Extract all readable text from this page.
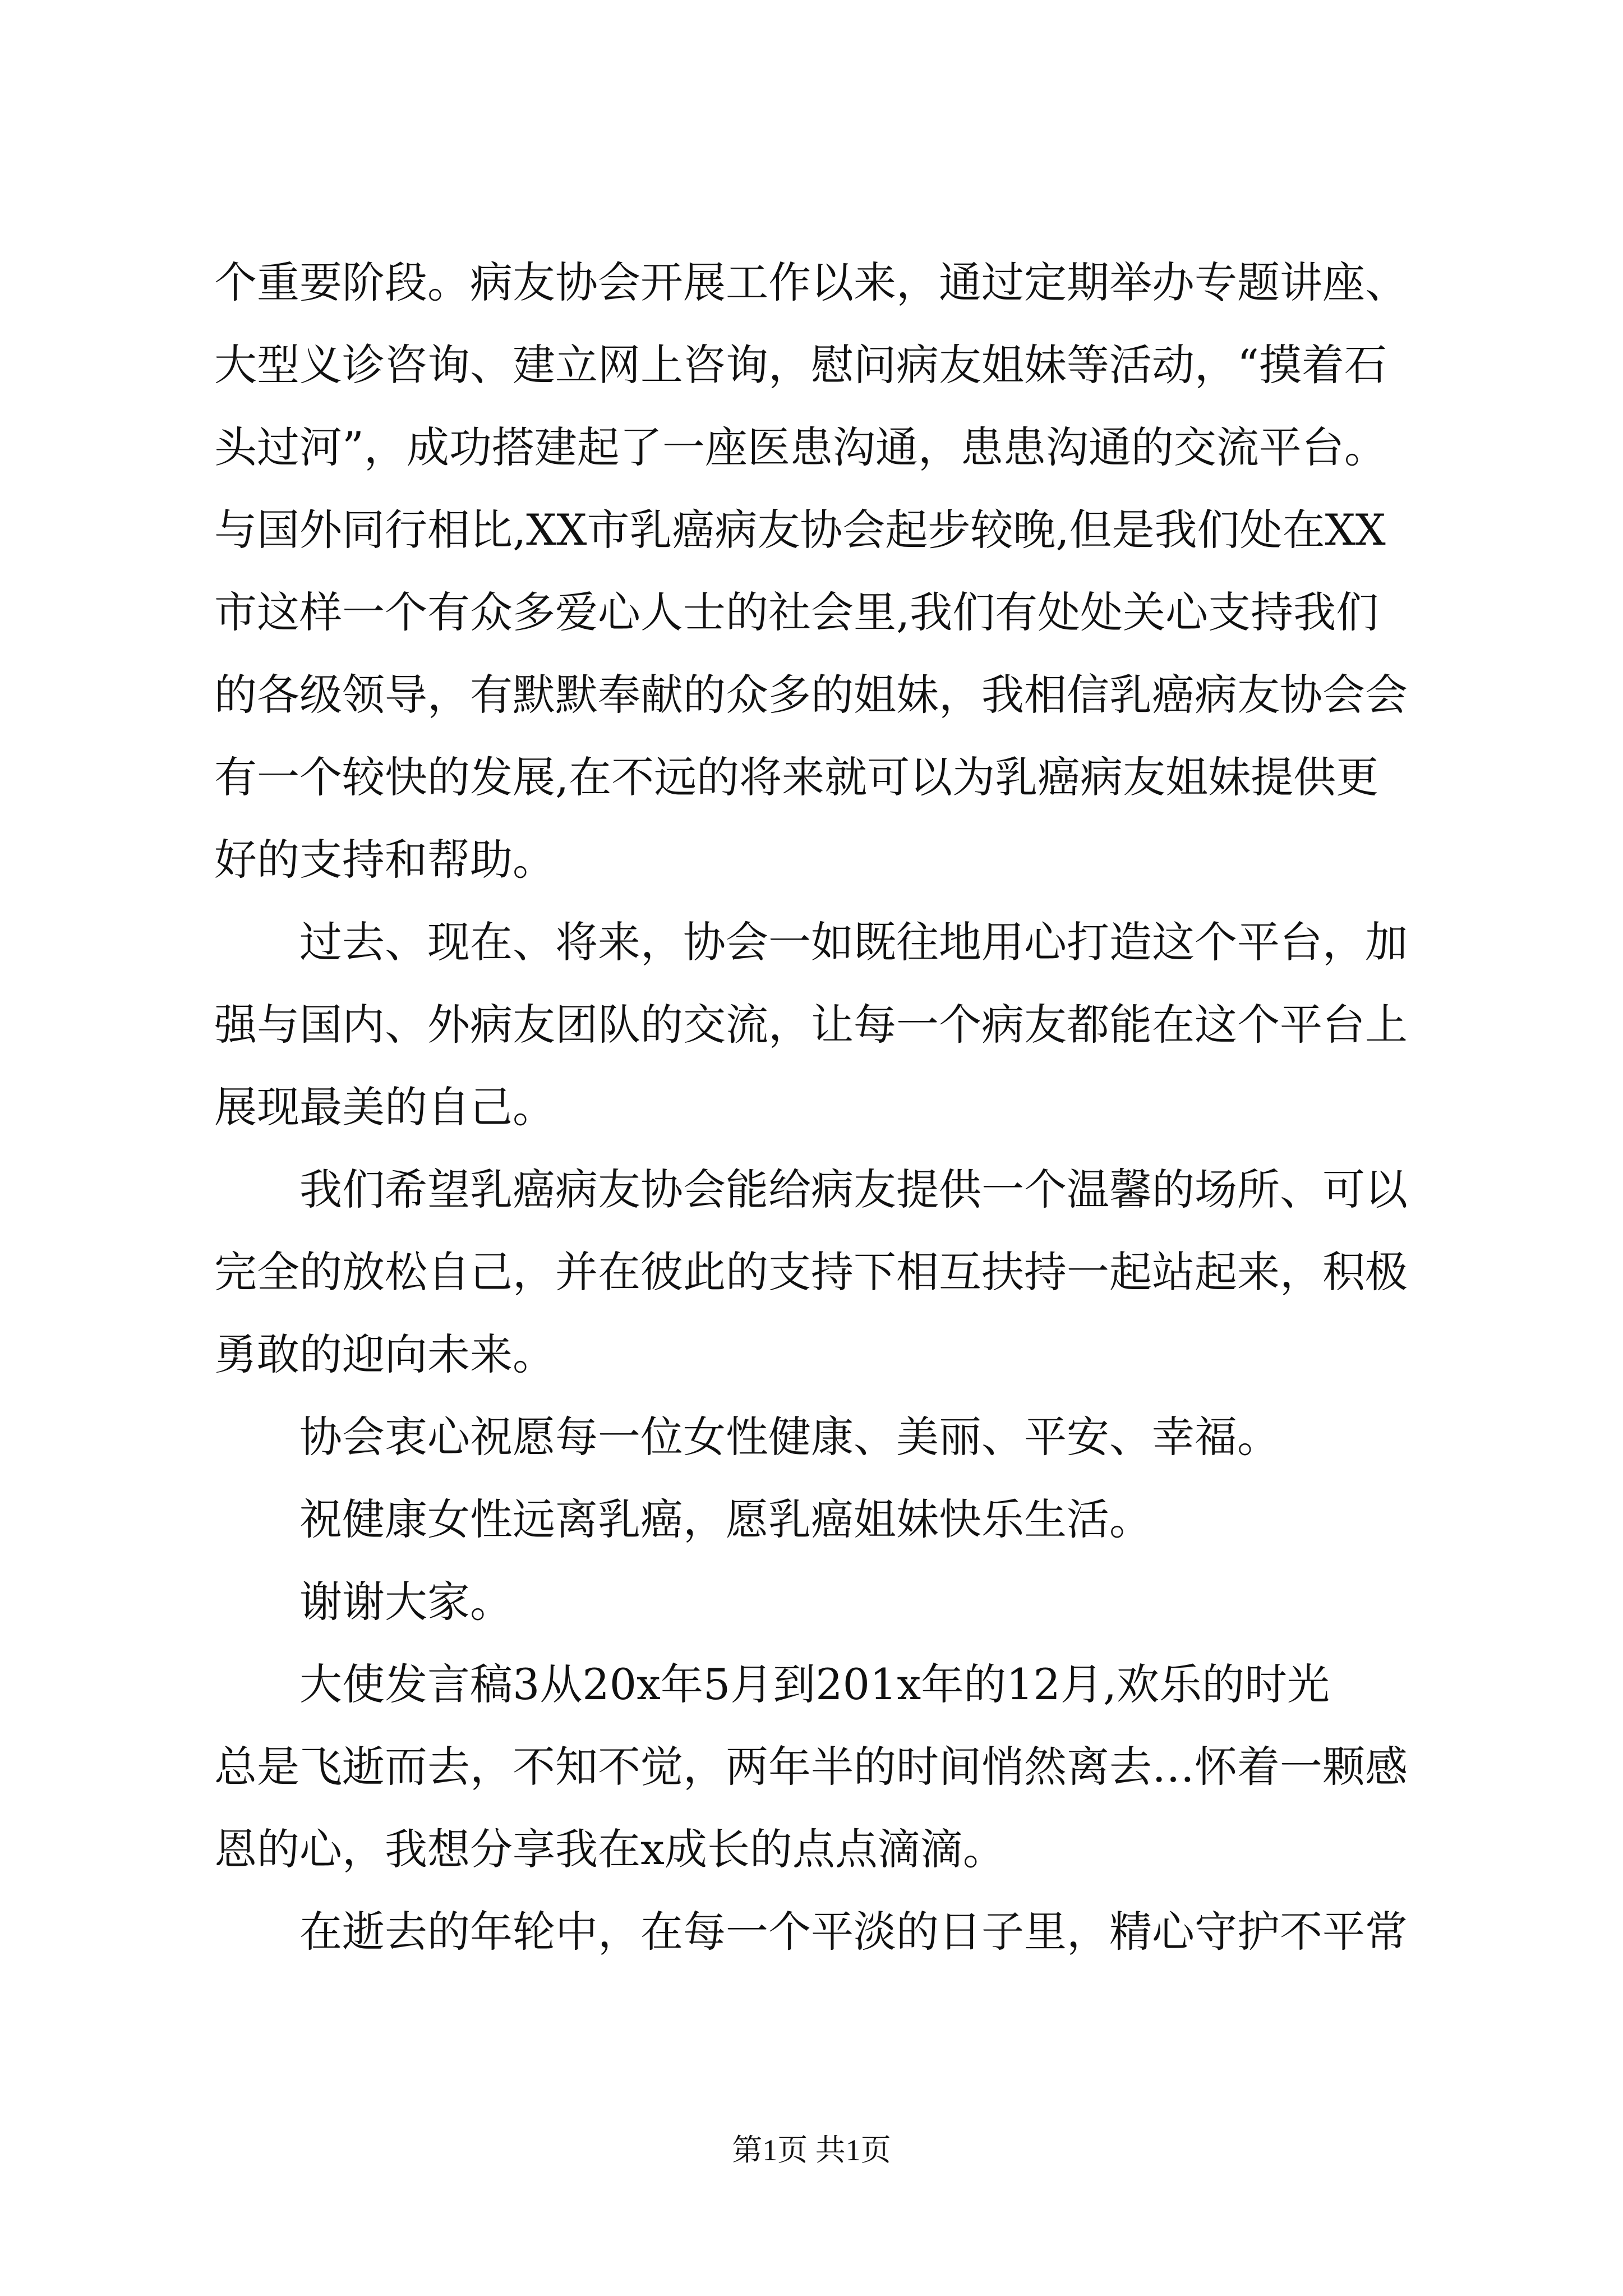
个重要阶段。病友协会开展工作以来，通过定期举办专题讲座、
大型义诊咨询、建立网上咨询，慰问病友姐妹等活动，“摸着石
头过河”，成功搭建起了一座医患沟通，患患沟通的交流平台。
与国外同行相比,XX市乳癌病友协会起步较晚,但是我们处在XX
市这样一个有众多爱心人士的社会里,我们有处处关心支持我们
的各级领导，有默默奉献的众多的姐妹，我相信乳癌病友协会会
有一个较快的发展,在不远的将来就可以为乳癌病友姐妹提供更
好的支持和帮助。
过去、现在、将来，协会一如既往地用心打造这个平台，加
强与国内、外病友团队的交流，让每一个病友都能在这个平台上
展现最美的自己。
我们希望乳癌病友协会能给病友提供一个温馨的场所、可以
完全的放松自己，并在彼此的支持下相互扶持一起站起来，积极
勇敢的迎向未来。
协会衷心祝愿每一位女性健康、美丽、平安、幸福。
祝健康女性远离乳癌，愿乳癌姐妹快乐生活。
谢谢大家。
大使发言稿3从20x年5月到201x年的12月,欢乐的时光
总是飞逝而去，不知不觉，两年半的时间悄然离去…怀着一颗感
恩的心，我想分享我在x成长的点点滴滴。
在逝去的年轮中，在每一个平淡的日子里，精心守护不平常
第1页 共1页
